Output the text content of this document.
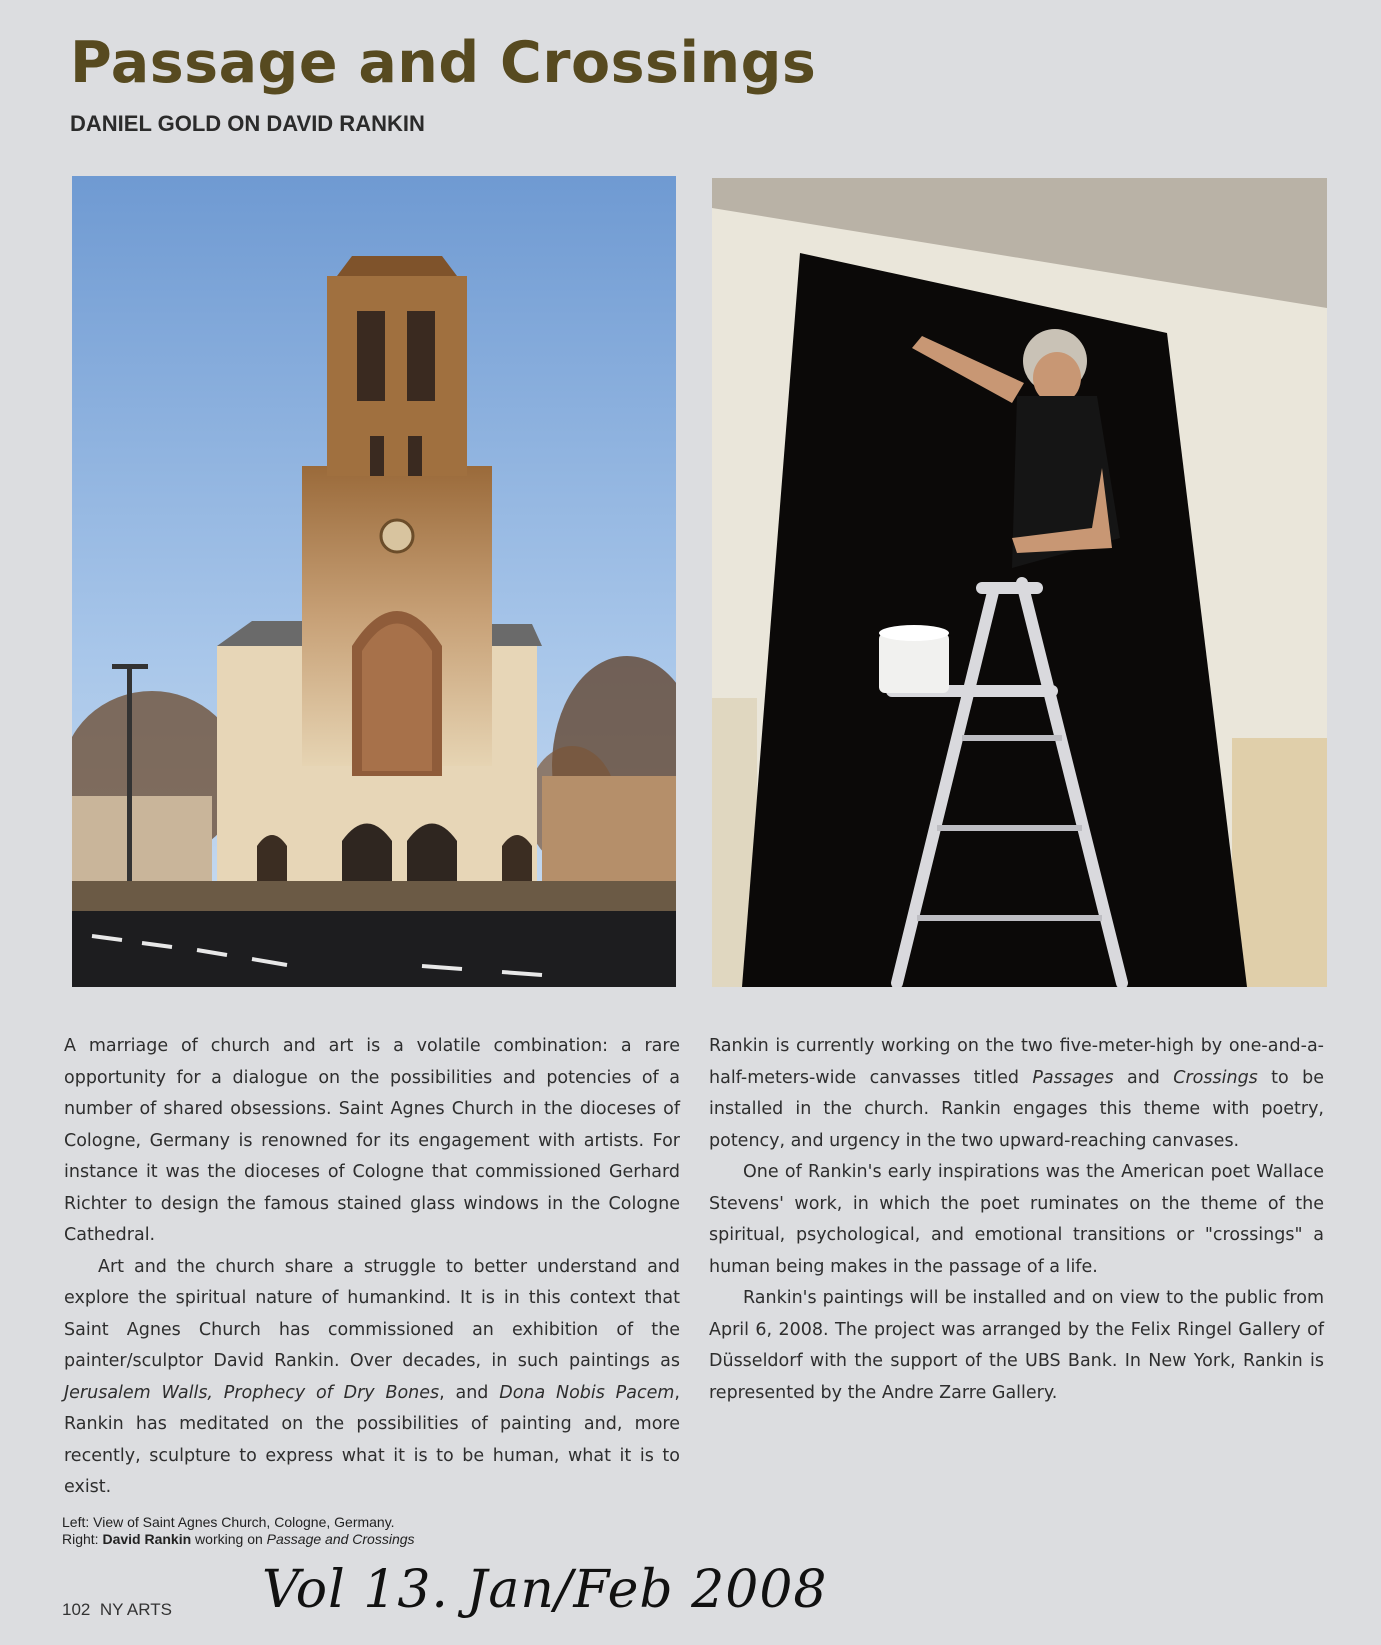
Passage and Crossings
DANIEL GOLD ON DAVID RANKIN

A marriage of church and art is a volatile combination: a rare opportunity for a dialogue on the possibilities and potencies of a number of shared obsessions. Saint Agnes Church in the dioceses of Cologne, Germany is renowned for its engagement with artists. For instance it was the dioceses of Cologne that commissioned Gerhard Richter to design the famous stained glass windows in the Cologne Cathedral.

Art and the church share a struggle to better understand and explore the spiritual nature of humankind. It is in this context that Saint Agnes Church has commissioned an exhibition of the painter/sculptor David Rankin. Over decades, in such paintings as Jerusalem Walls, Prophecy of Dry Bones, and Dona Nobis Pacem, Rankin has meditated on the possibilities of painting and, more recently, sculpture to express what it is to be human, what it is to exist.

Rankin is currently working on the two five-meter-high by one-and-a-half-meters-wide canvasses titled Passages and Crossings to be installed in the church. Rankin engages this theme with poetry, potency, and urgency in the two upward-reaching canvases.

One of Rankin's early inspirations was the American poet Wallace Stevens' work, in which the poet ruminates on the theme of the spiritual, psychological, and emotional transitions or "crossings" a human being makes in the passage of a life.

Rankin's paintings will be installed and on view to the public from April 6, 2008. The project was arranged by the Felix Ringel Gallery of Düsseldorf with the support of the UBS Bank. In New York, Rankin is represented by the Andre Zarre Gallery.

Left: View of Saint Agnes Church, Cologne, Germany.
Right: David Rankin working on Passage and Crossings
102 NY ARTS Vol 13. Jan/Feb 2008
